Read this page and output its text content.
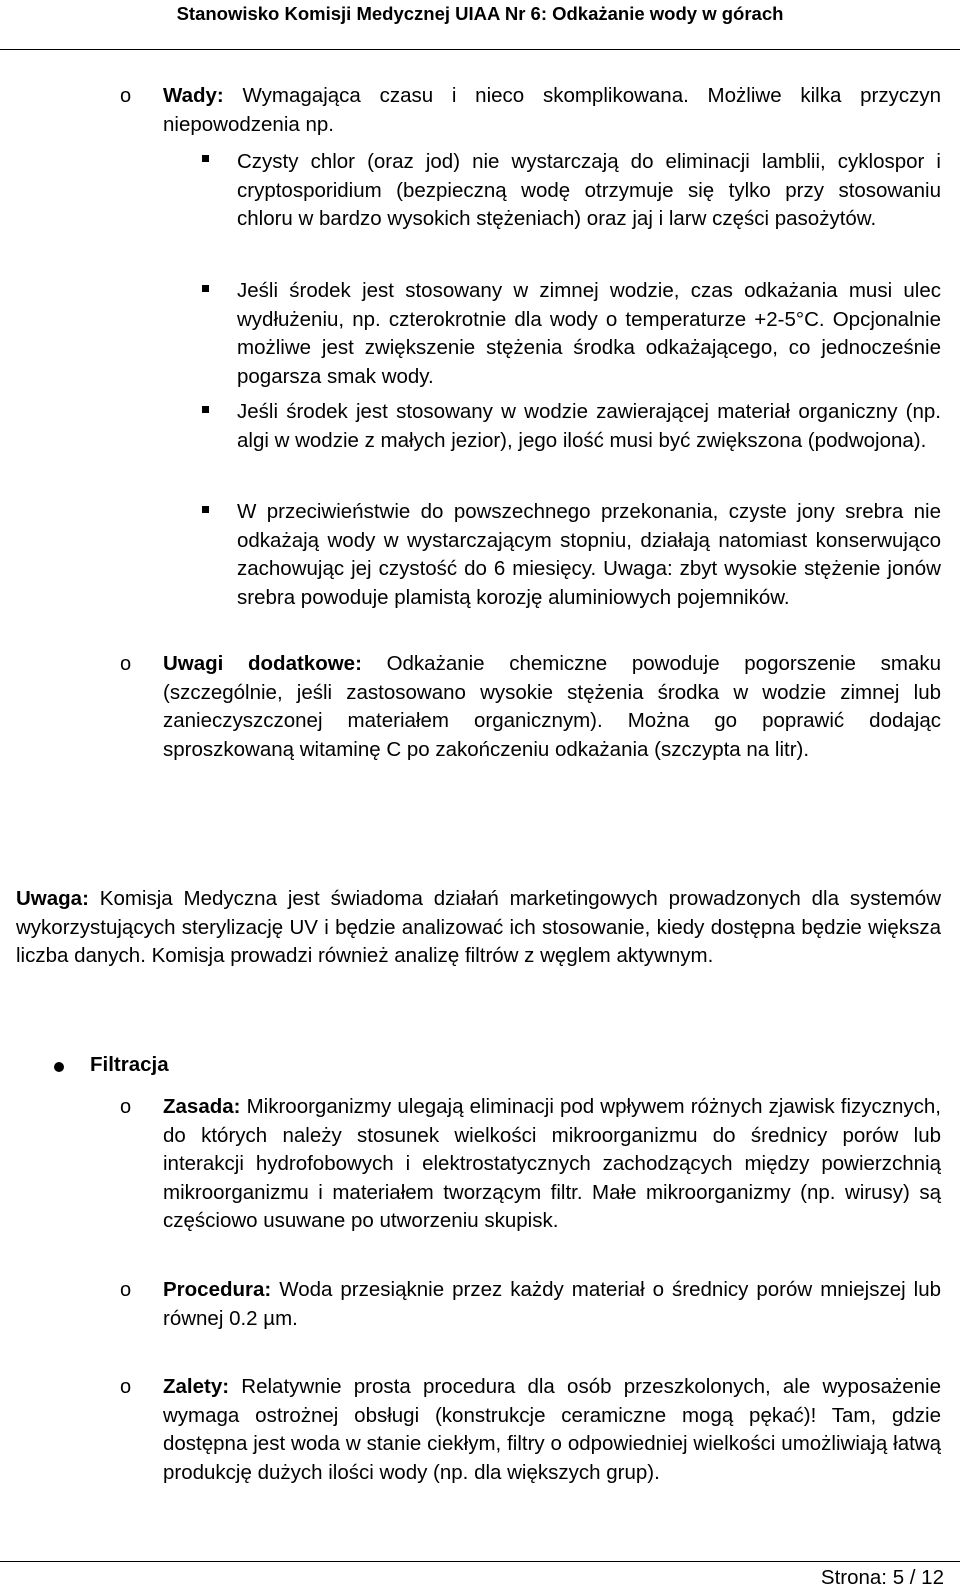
Stanowisko Komisji Medycznej UIAA Nr 6: Odkażanie wody w górach
o Wady: Wymagająca czasu i nieco skomplikowana. Możliwe kilka przyczyn niepowodzenia np.

Czysty chlor (oraz jod) nie wystarczają do eliminacji lamblii, cyklospor i cryptosporidium (bezpieczną wodę otrzymuje się tylko przy stosowaniu chloru w bardzo wysokich stężeniach) oraz jaj i larw części pasożytów.

Jeśli środek jest stosowany w zimnej wodzie, czas odkażania musi ulec wydłużeniu, np. czterokrotnie dla wody o temperaturze +2-5°C. Opcjonalnie możliwe jest zwiększenie stężenia środka odkażającego, co jednocześnie pogarsza smak wody.

Jeśli środek jest stosowany w wodzie zawierającej materiał organiczny (np. algi w wodzie z małych jezior), jego ilość musi być zwiększona (podwojona).

W przeciwieństwie do powszechnego przekonania, czyste jony srebra nie odkażają wody w wystarczającym stopniu, działają natomiast konserwująco zachowując jej czystość do 6 miesięcy. Uwaga: zbyt wysokie stężenie jonów srebra powoduje plamistą korozję aluminiowych pojemników.

o Uwagi dodatkowe: Odkażanie chemiczne powoduje pogorszenie smaku (szczególnie, jeśli zastosowano wysokie stężenia środka w wodzie zimnej lub zanieczyszczonej materiałem organicznym). Można go poprawić dodając sproszkowaną witaminę C po zakończeniu odkażania (szczypta na litr).

Uwaga: Komisja Medyczna jest świadoma działań marketingowych prowadzonych dla systemów wykorzystujących sterylizację UV i będzie analizować ich stosowanie, kiedy dostępna będzie większa liczba danych. Komisja prowadzi również analizę filtrów z węglem aktywnym.

Filtracja

o Zasada: Mikroorganizmy ulegają eliminacji pod wpływem różnych zjawisk fizycznych, do których należy stosunek wielkości mikroorganizmu do średnicy porów lub interakcji hydrofobowych i elektrostatycznych zachodzących między powierzchnią mikroorganizmu i materiałem tworzącym filtr. Małe mikroorganizmy (np. wirusy) są częściowo usuwane po utworzeniu skupisk.

o Procedura: Woda przesiąknie przez każdy materiał o średnicy porów mniejszej lub równej 0.2 µm.

o Zalety: Relatywnie prosta procedura dla osób przeszkolonych, ale wyposażenie wymaga ostrożnej obsługi (konstrukcje ceramiczne mogą pękać)! Tam, gdzie dostępna jest woda w stanie ciekłym, filtry o odpowiedniej wielkości umożliwiają łatwą produkcję dużych ilości wody (np. dla większych grup).

Strona: 5 / 12
